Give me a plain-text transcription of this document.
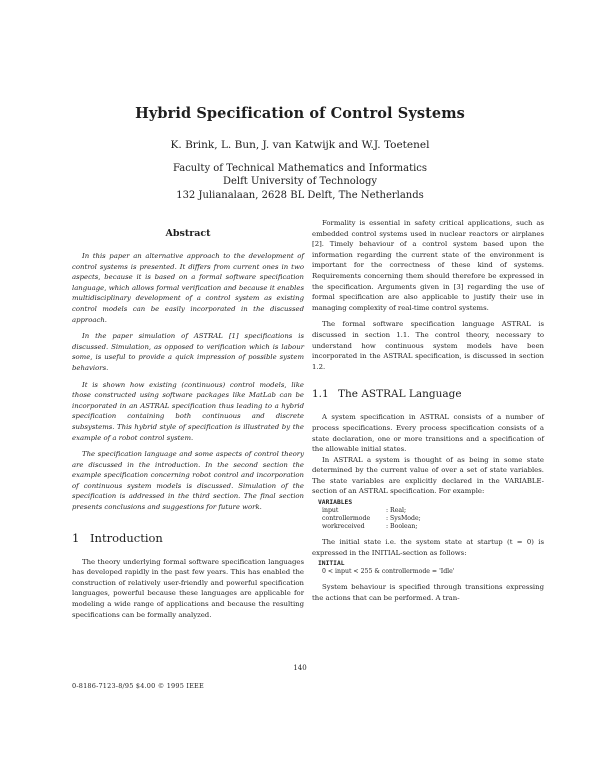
Hybrid Specification of Control Systems
K. Brink, L. Bun, J. van Katwijk and W.J. Toetenel
Faculty of Technical Mathematics and Informatics
Delft University of Technology
132 Julianalaan, 2628 BL Delft, The Netherlands
Abstract

In this paper an alternative approach to the development of control systems is presented. It differs from current ones in two aspects, because it is based on a formal software specification language, which allows formal verification and because it enables multidisciplinary development of a control system as existing control models can be easily incorporated in the discussed approach.

In the paper simulation of ASTRAL [1] specifications is discussed. Simulation, as opposed to verification which is labour some, is useful to provide a quick impression of possible system behaviors.

It is shown how existing (continuous) control models, like those constructed using software packages like MatLab can be incorporated in an ASTRAL specification thus leading to a hybrid specification containing both continuous and discrete subsystems. This hybrid style of specification is illustrated by the example of a robot control system.

The specification language and some aspects of control theory are discussed in the introduction. In the second section the example specification concerning robot control and incorporation of continuous system models is discussed. Simulation of the specification is addressed in the third section. The final section presents conclusions and suggestions for future work.

1 Introduction

The theory underlying formal software specification languages has developed rapidly in the past few years. This has enabled the construction of relatively user-friendly and powerful specification languages, powerful because these languages are applicable for modeling a wide range of applications and because the resulting specifications can be formally analyzed.

Formality is essential in safety critical applications, such as embedded control systems used in nuclear reactors or airplanes [2]. Timely behaviour of a control system based upon the information regarding the current state of the environment is important for the correctness of these kind of systems. Requirements concerning them should therefore be expressed in the specification. Arguments given in [3] regarding the use of formal specification are also applicable to justify their use in managing complexity of real-time control systems.

The formal software specification language ASTRAL is discussed in section 1.1. The control theory, necessary to understand how continuous system models have been incorporated in the ASTRAL specification, is discussed in section 1.2.

1.1 The ASTRAL Language

A system specification in ASTRAL consists of a number of process specifications. Every process specification consists of a state declaration, one or more transitions and a specification of the allowable initial states.

In ASTRAL a system is thought of as being in some state determined by the current value of over a set of state variables. The state variables are explicitly declared in the VARIABLE-section of an ASTRAL specification. For example:

VARIABLES
input	: Real;
controllermode	: SysMode;
workreceived	: Boolean;

The initial state i.e. the system state at startup (t = 0) is expressed in the INITIAL-section as follows:

INITIAL
0 < input < 255 & controllermode = 'Idle'

System behaviour is specified through transitions expressing the actions that can be performed. A tran-

140
0-8186-7123-8/95 $4.00 © 1995 IEEE
